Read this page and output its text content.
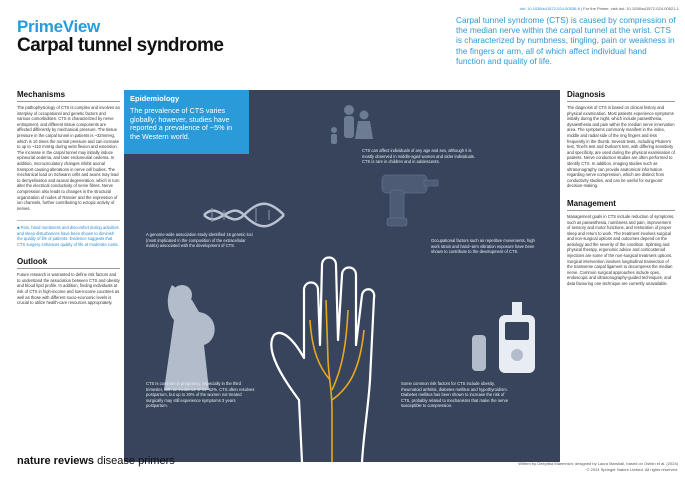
doi: 10.1038/s41572-024-00536-8 | For the Primer, visit doi: 10.1038/s41572-024-00521-1
PrimeView
Carpal tunnel syndrome
Carpal tunnel syndrome (CTS) is caused by compression of the median nerve within the carpal tunnel at the wrist. CTS is characterized by numbness, tingling, pain or weakness in the fingers or arm, all of which affect individual hand function and quality of life.
Mechanisms
The pathophysiology of CTS is complex and involves an interplay of occupational and genetic factors and various comorbidities. CTS is characterized by nerve entrapment, and different tissue components are affected differently by mechanical pressure. The tissue pressure in the carpal tunnel in patients is ~32mmHg, which is 10 times the normal pressure and can increase to up to ~110 mmHg during wrist flexion and extension. The increase in the carpal tunnel may initially induce epineurial oedema, and later endoneurial oedema. In addition, microcirculatory changes inhibit axonal transport causing alterations in nerve cell bodies. The mechanical load on Schwann cells and axons may lead to demyelination and axonal degeneration, which in turn alter the electrical conductivity of nerve fibres. Nerve compression also leads to changes in the structural organization of nodes of Ranvier and the expression of ion channels, further contributing to ectopic activity of nerves.
■ Pain, hand numbness and discomfort during activities and sleep disturbances have been shown to diminish the quality of life of patients. Evidence suggests that CTS surgery enhances quality of life at moderate costs.
Outlook
Future research is warranted to define risk factors and to understand the association between CTS and obesity and blood lipid profile. In addition, finding individuals at risk of CTS in high-income and low-income countries as well as those with different socio-economic levels is crucial to utilize health-care resources appropriately.
Epidemiology
The prevalence of CTS varies globally; however, studies have reported a prevalence of ~5% in the Western world.
CTS can affect individuals of any age and sex, although it is mostly observed in middle-aged women and older individuals. CTS is rare in children and in adolescents.
A genome-wide association study identified 16 genetic loci (most implicated in the composition of the extracellular matrix) associated with the development of CTS.
Occupational factors such as repetitive movements, high work strain and hand–arm vibration exposure have been shown to contribute to the development of CTS.
CTS is common in pregnancy, especially in the third trimester, with an incidence of 31–62%. CTS often resolves postpartum, but up to 30% of the women not treated surgically may still experience symptoms 3 years postpartum.
Some common risk factors for CTS include obesity, rheumatoid arthritis, diabetes mellitus and hypothyroidism. Diabetes mellitus has been shown to increase the risk of CTS, probably related to mechanisms that make the nerve susceptible to compression.
Diagnosis
The diagnosis of CTS is based on clinical history and physical examination. Most patients experience symptoms initially during the night, which include paraesthesia, dysaesthesia and pain within the median nerve innervation area. The symptoms commonly manifest in the index, middle and radial side of the ring fingers and less frequently in the thumb. Several tests, including Phalen's test, Tinel's test and Durkan's test, with differing sensitivity and specificity, are used during the physical examination of patients. Nerve conduction studies are often performed to identify CTS. In addition, imaging studies such as ultrasonography can provide anatomical information regarding nerve compression, which are distinct from conductivity studies, and can be useful for surgeons' decision-making.
Management
Management goals in CTS include reduction of symptoms, such as paraesthesia, numbness and pain, improvement of sensory and motor functions, and restoration of proper sleep and return to work. The treatment involves surgical and non-surgical options and outcomes depend on the aetiology and the severity of the condition. Splinting and physical therapy, ergonomic advice and corticosteroid injections are some of the non-surgical treatment options. Surgical intervention involves longitudinal transection of the transverse carpal ligament to decompress the median nerve. Common surgical approaches include open, endoscopic and ultrasonography-guided techniques, and data favouring one technique are currently unavailable.
nature reviews disease primers	Written by Deepitha Maemnich; designed by Laura Marshall, based on Osthin et al. (2024)
© 2024 Springer Nature Limited. All rights reserved.
